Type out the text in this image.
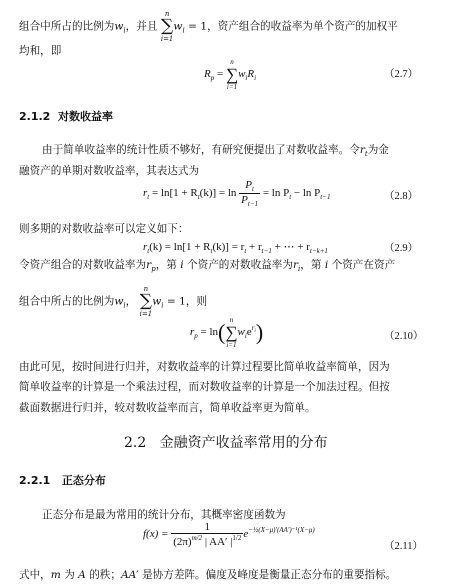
组合中所占的比例为$w_i$，并且
n
∑
i=1
$w_i = 1$，资产组合的收益率为单个资产的加权平
均和，即
$R_p$ =
n
∑
i=1
$w_iR_i$	（2.7）
2.1.2 对数收益率
由于简单收益率的统计性质不够好，有研究便提出了对数收益率。令$r_t$为金
融资产的单期对数收益率，其表达式为
$r_t = \ln[1 + R_t(k)] = \ln \frac{P_t}{P_{t-1}} = \ln P_t - \ln P_{t-1}$	（2.8）
则多期的对数收益率可以定义如下：
$r_t(k) = \ln[1 + R_t(k)] = r_t + r_{t-1}$ + ⋯ + $r_{t-k+1}$	（2.9）
令资产组合的对数收益率为$r_p$，第 i 个资产的对数收益率为$r_i$，第 i 个资产在资产
组合中所占的比例为$w_i$，
n
∑
i=1
$w_i = 1$，则
$r_p = \ln$( n
∑
i=1
$w_ie^{ri}$)	（2.10）
由此可见，按时间进行归并，对数收益率的计算过程要比简单收益率简单，因为
简单收益率的计算是一个乘法过程，而对数收益率的计算是一个加法过程。但按
截面数据进行归并，较对数收益率而言，简单收益率更为简单。
2.2 金融资产收益率常用的分布
2.2.1 正态分布
正态分布是最为常用的统计分布，其概率密度函数为
$f(x) = \frac{1}{(2\pi)^{m/2} | AA' |^{1/2}} e^{-\frac{1}{2}(X-\mu)'(AA')^{-1}(X-\mu)}$
（2.11）
式中，m 为 A 的秩；AA′ 是协方差阵。偏度及峰度是衡量正态分布的重要指标。
